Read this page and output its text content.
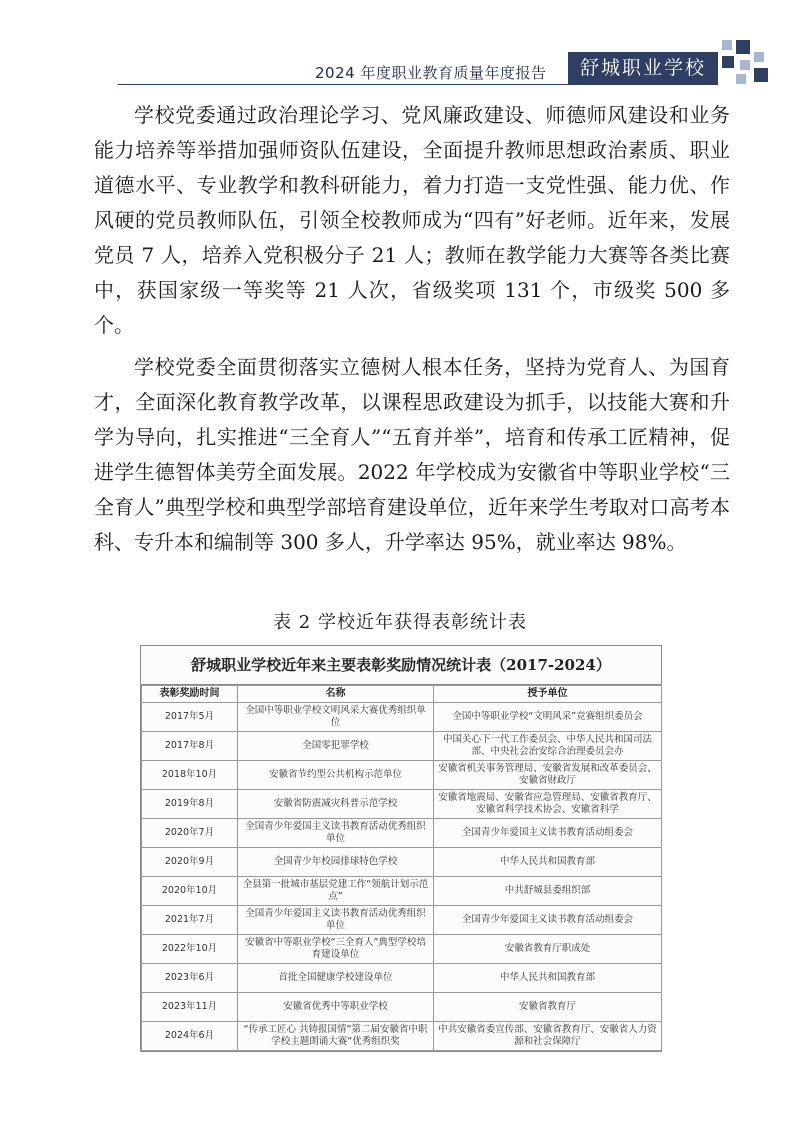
2024 年度职业教育质量年度报告	舒城职业学校

学校党委通过政治理论学习、党风廉政建设、师德师风建设和业务能力培养等举措加强师资队伍建设，全面提升教师思想政治素质、职业道德水平、专业教学和教科研能力，着力打造一支党性强、能力优、作风硬的党员教师队伍，引领全校教师成为“四有”好老师。近年来，发展党员 7 人，培养入党积极分子 21 人；教师在教学能力大赛等各类比赛中，获国家级一等奖等 21 人次，省级奖项 131 个，市级奖 500 多个。

学校党委全面贯彻落实立德树人根本任务，坚持为党育人、为国育才，全面深化教育教学改革，以课程思政建设为抓手，以技能大赛和升学为导向，扎实推进“三全育人”“五育并举”，培育和传承工匠精神，促进学生德智体美劳全面发展。2022 年学校成为安徽省中等职业学校“三全育人”典型学校和典型学部培育建设单位，近年来学生考取对口高考本科、专升本和编制等 300 多人，升学率达 95%，就业率达 98%。

表 2 学校近年获得表彰统计表
舒城职业学校近年来主要表彰奖励情况统计表（2017-2024）
表彰奖励时间	名称	授予单位
2017年5月	全国中等职业学校文明风采大赛优秀组织单位	全国中等职业学校“文明风采”竞赛组织委员会
2017年8月	全国零犯罪学校	中国关心下一代工作委员会、中华人民共和国司法部、中央社会治安综合治理委员会办
2018年10月	安徽省节约型公共机构示范单位	安徽省机关事务管理局、安徽省发展和改革委员会、安徽省财政厅
2019年8月	安徽省防震减灾科普示范学校	安徽省地震局、安徽省应急管理局、安徽省教育厅、安徽省科学技术协会、安徽省科学
2020年7月	全国青少年爱国主义读书教育活动优秀组织单位	全国青少年爱国主义读书教育活动组委会
2020年9月	全国青少年校园排球特色学校	中华人民共和国教育部
2020年10月	全县第一批城市基层党建工作“领航计划示范点”	中共舒城县委组织部
2021年7月	全国青少年爱国主义读书教育活动优秀组织单位	全国青少年爱国主义读书教育活动组委会
2022年10月	安徽省中等职业学校“三全育人”典型学校培育建设单位	安徽省教育厅职成处
2023年6月	首批全国健康学校建设单位	中华人民共和国教育部
2023年11月	安徽省优秀中等职业学校	安徽省教育厅
2024年6月	“传承工匠心 共铸报国情”第二届安徽省中职学校主题朗诵大赛“优秀组织奖	中共安徽省委宣传部、安徽省教育厅、安徽省人力资源和社会保障厅
